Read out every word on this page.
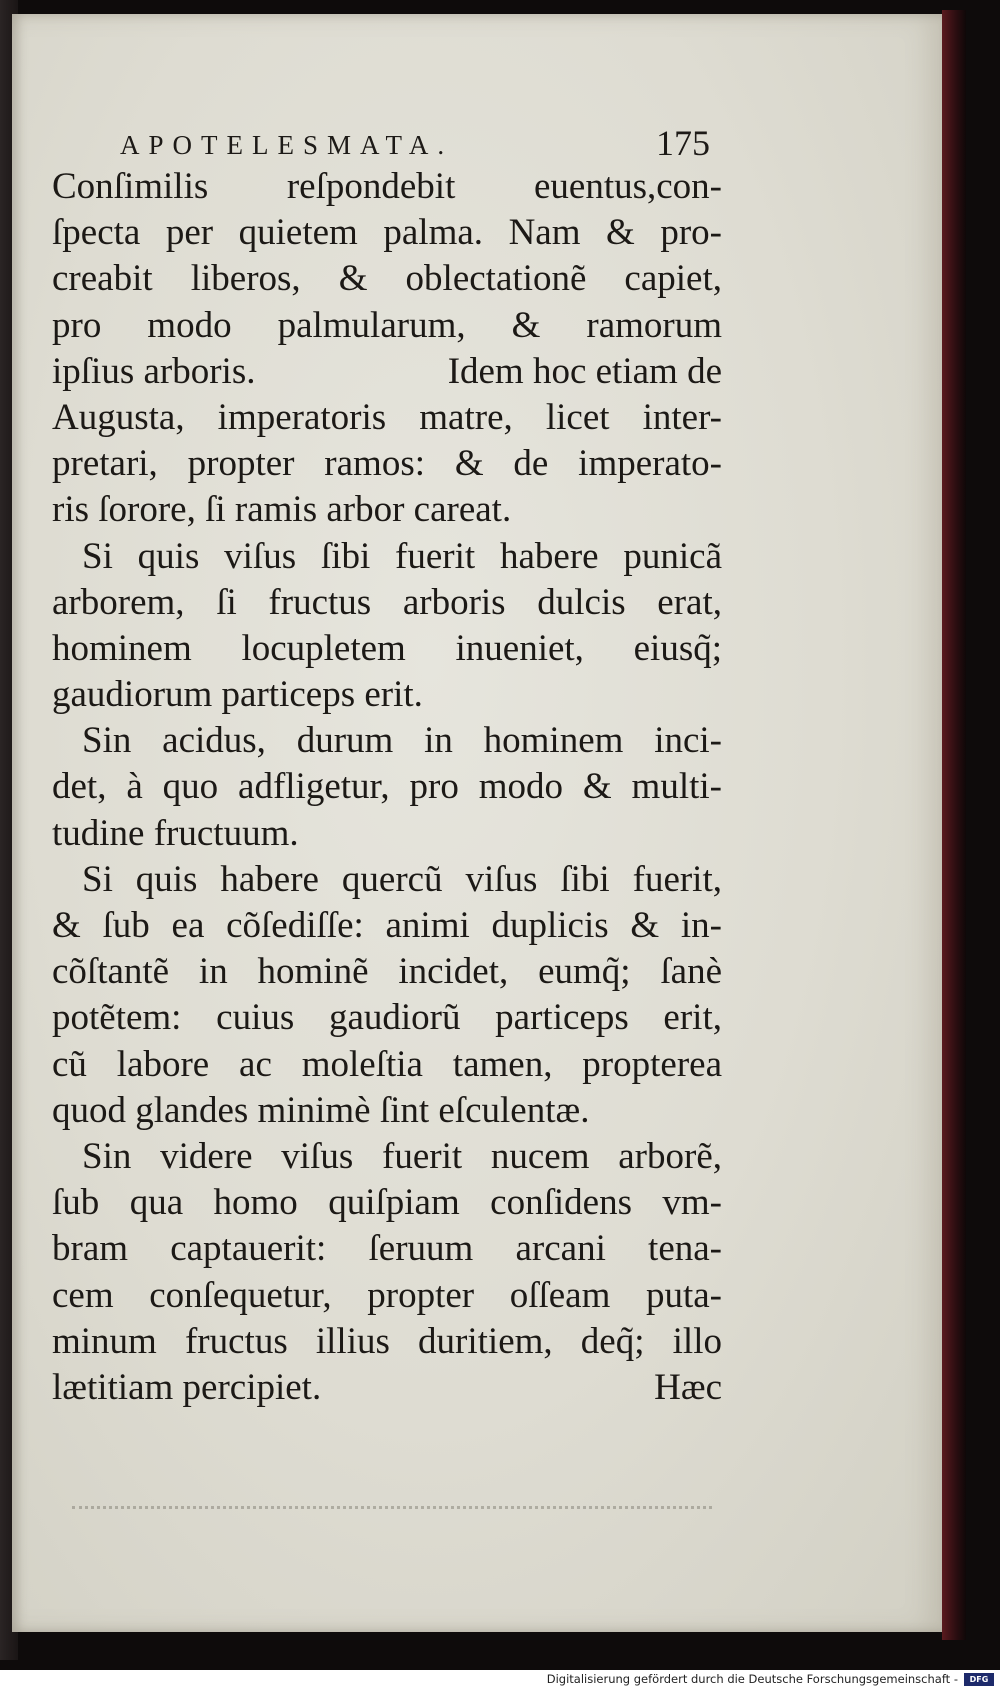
APOTELESMATA.	175
Conſimilis reſpondebit euentus,con-
ſpecta per quietem palma. Nam & pro-
creabit liberos, & oblectationẽ capiet,
pro modo palmularum, & ramorum
ipſius arboris.	Idem hoc etiam de
Augusta, imperatoris matre, licet inter-
pretari, propter ramos: & de imperato-
ris ſorore, ſi ramis arbor careat.
Si quis viſus ſibi fuerit habere punicã
arborem, ſi fructus arboris dulcis erat,
hominem locupletem inueniet, eiusq̃;
gaudiorum particeps erit.
Sin acidus, durum in hominem inci-
det, à quo adfligetur, pro modo & multi-
tudine fructuum.
Si quis habere quercũ viſus ſibi fuerit,
& ſub ea cõſediſſe: animi duplicis & in-
cõſtantẽ in hominẽ incidet, eumq̃; ſanè
potẽtem: cuius gaudiorũ particeps erit,
cũ labore ac moleſtia tamen, propterea
quod glandes minimè ſint eſculentæ.
Sin videre viſus fuerit nucem arborẽ,
ſub qua homo quiſpiam conſidens vm-
bram captauerit: ſeruum arcani tena-
cem conſequetur, propter oſſeam puta-
minum fructus illius duritiem, deq̃; illo
lætitiam percipiet.	Hæc
Digitalisierung gefördert durch die Deutsche Forschungsgemeinschaft -	DFG
